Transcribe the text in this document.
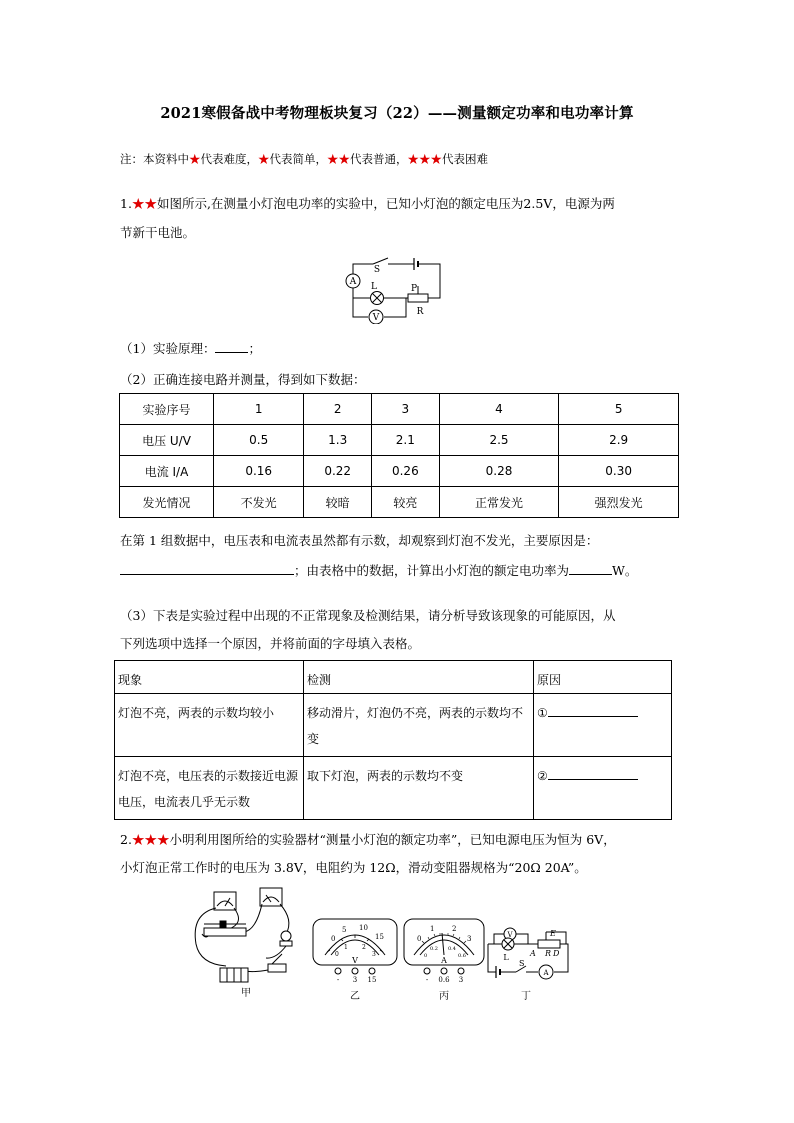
2021寒假备战中考物理板块复习（22）——测量额定功率和电功率计算
注：本资料中★代表难度，★代表简单，★★代表普通，★★★代表困难
1.★★如图所示,在测量小灯泡电功率的实验中，已知小灯泡的额定电压为2.5V，电源为两
节新干电池。
A
V
S
L	P
R
（1）实验原理：	；
（2）正确连接电路并测量，得到如下数据：
实验序号	1	2	3	4	5
电压 U/V	0.5	1.3	2.1	2.5	2.9
电流 I/A	0.16	0.22	0.26	0.28	0.30
发光情况	不发光	较暗	较亮	正常发光	强烈发光
在第 1 组数据中，电压表和电流表虽然都有示数，却观察到灯泡不发光，主要原因是：
；由表格中的数据，计算出小灯泡的额定电功率为	W。
（3）下表是实验过程中出现的不正常现象及检测结果，请分析导致该现象的可能原因，从
下列选项中选择一个原因，并将前面的字母填入表格。
现象	检测	原因
灯泡不亮，两表的示数均较小	移动滑片，灯泡仍不亮，两表的示数均不变	①
灯泡不亮，电压表的示数接近电源电压，电流表几乎无示数	取下灯泡，两表的示数均不变	②
2.★★★小明利用图所给的实验器材“测量小灯泡的额定功率”，已知电源电压为恒为 6V，
小灯泡正常工作时的电压为 3.8V，电阻约为 12Ω，滑动变阻器规格为“20Ω 20A”。
甲
0
5 10
15
0
1 2
3
V
- 3 15
乙
0
1	2
3
0
0.2 0.4
0.6
A
- 0.6 3
丙
V
L	A
S
A
E
R D
丁
